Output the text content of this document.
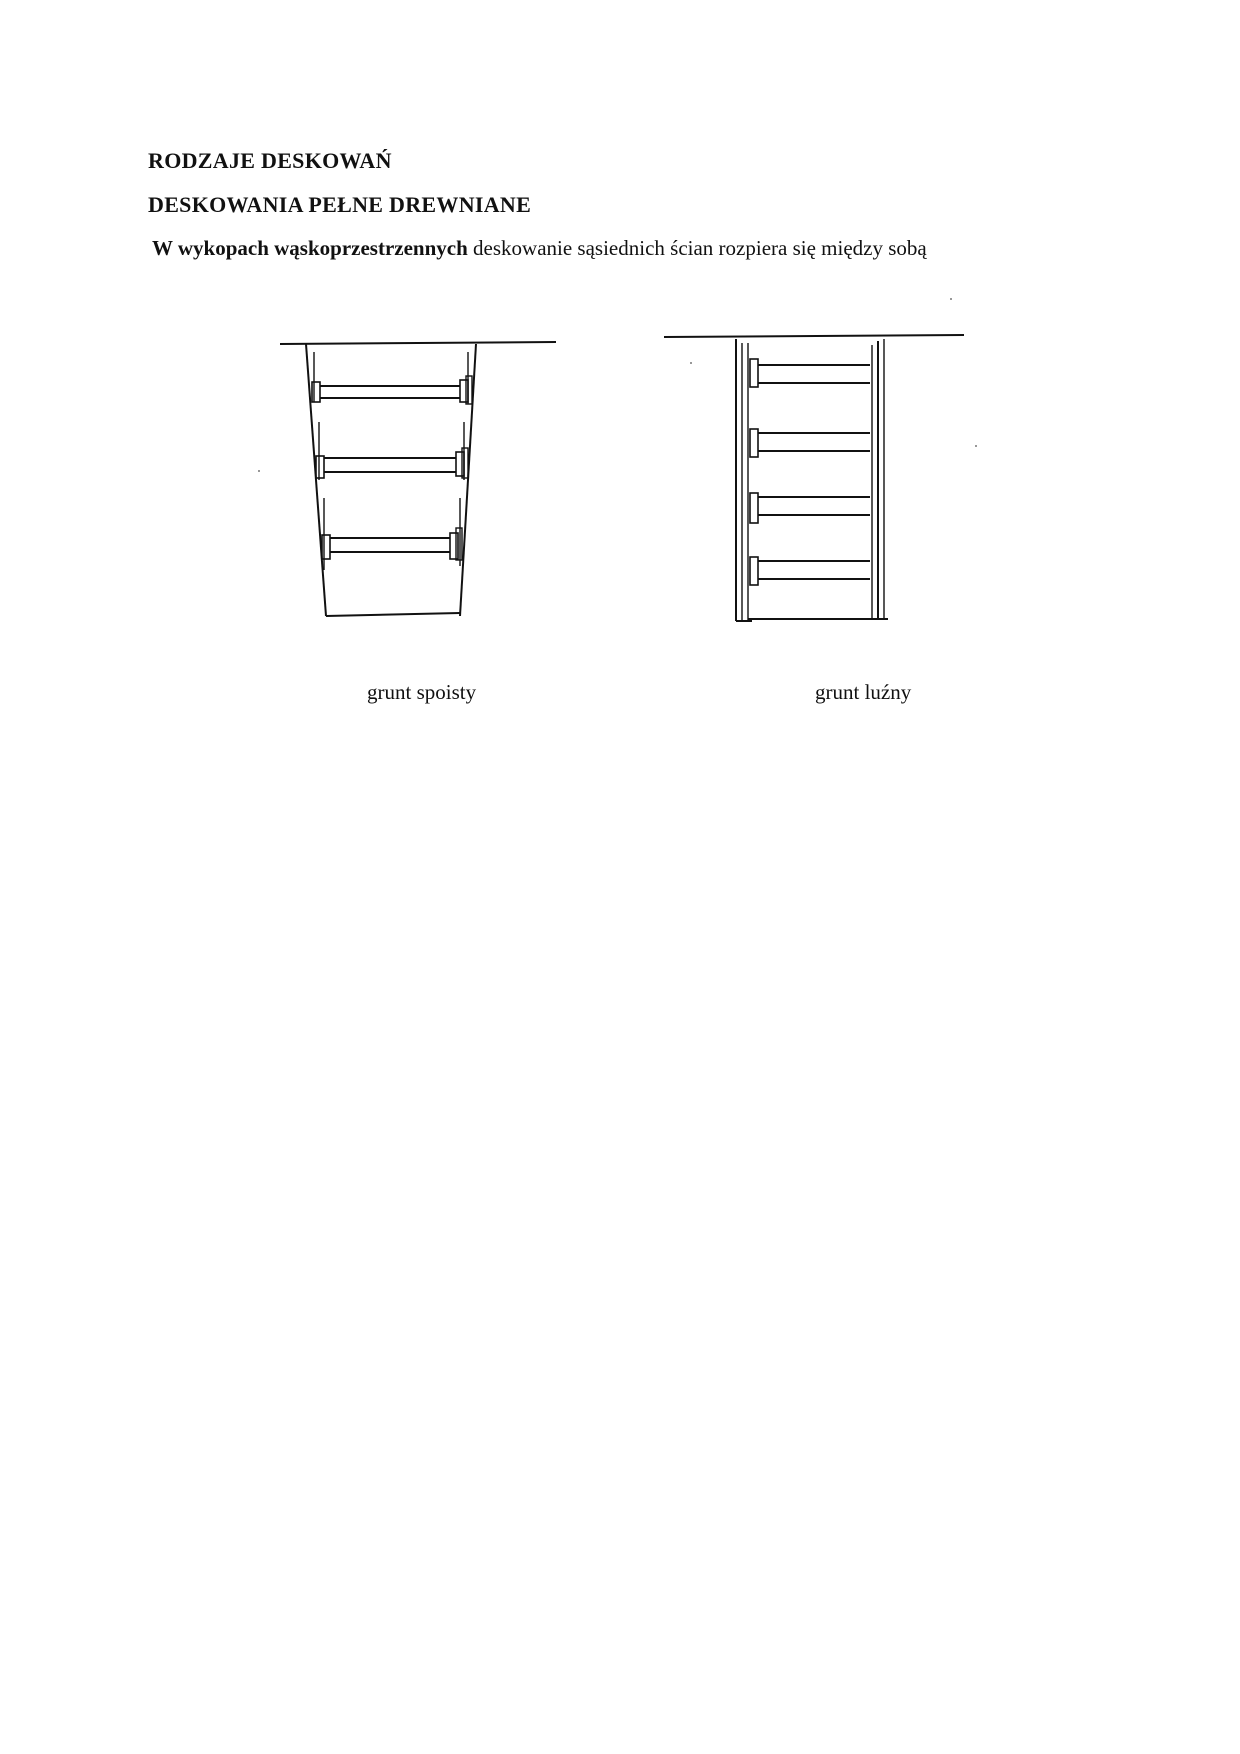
RODZAJE DESKOWAŃ
DESKOWANIA PEŁNE DREWNIANE

W wykopach wąskoprzestrzennych deskowanie sąsiednich ścian rozpiera się między sobą

grunt spoisty	grunt luźny
